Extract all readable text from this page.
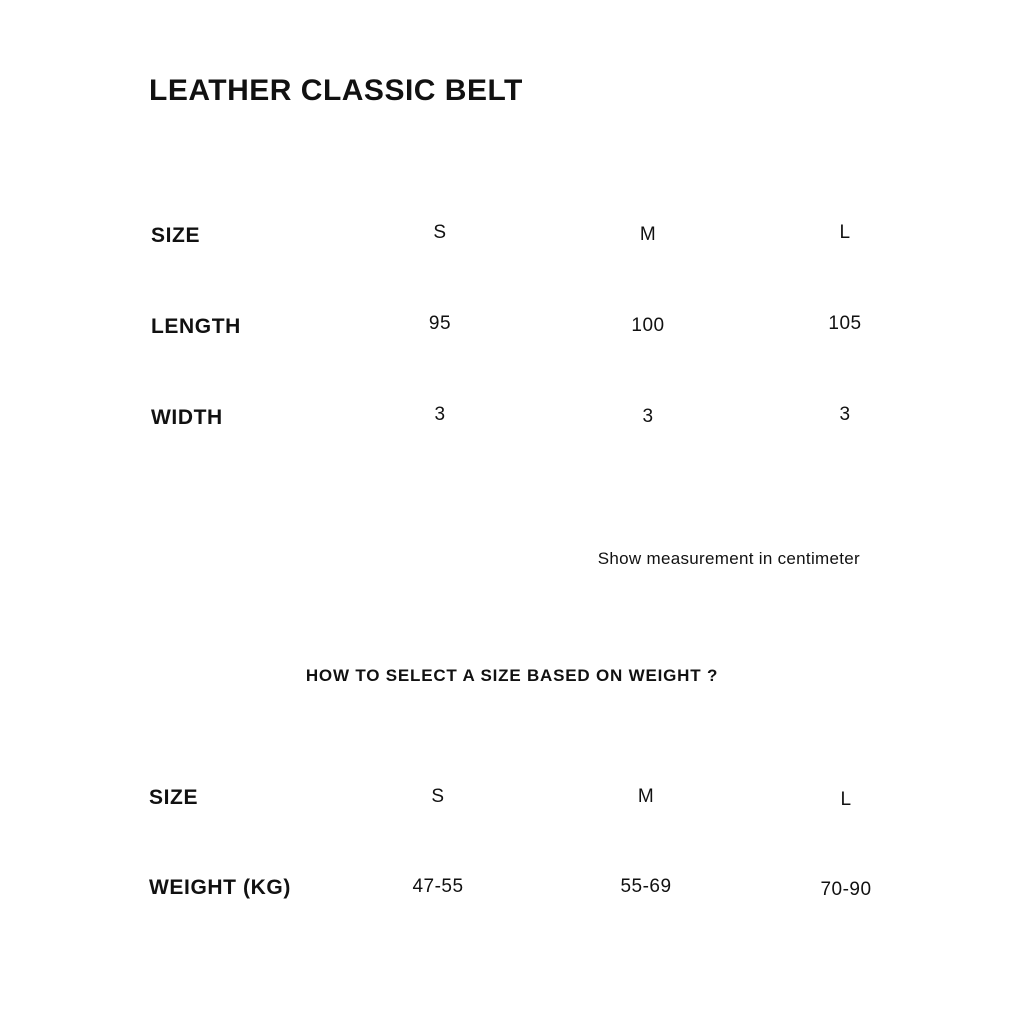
LEATHER CLASSIC BELT
SIZE	S	M	L
LENGTH	95	100	105
WIDTH	3	3	3
Show measurement in centimeter
HOW TO SELECT A SIZE BASED ON WEIGHT ?
SIZE	S	M	L
WEIGHT (KG)	47-55	55-69	70-90
